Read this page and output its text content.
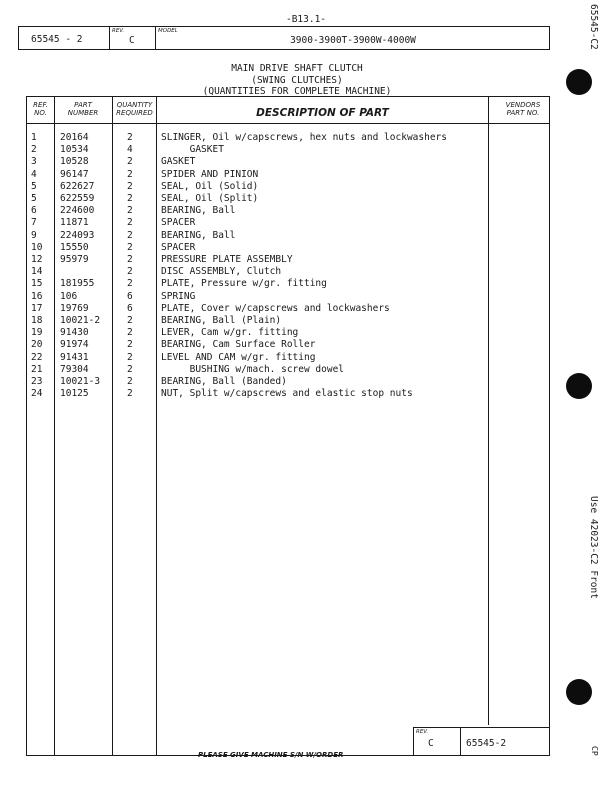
-B13.1-
65545 - 2
REV.
C
MODEL
3900-3900T-3900W-4000W
MAIN DRIVE SHAFT CLUTCH
(SWING CLUTCHES)
(QUANTITIES FOR COMPLETE MACHINE)
REF. NO.
PART NUMBER
QUANTITY REQUIRED	DESCRIPTION OF PART
VENDORS PART NO.
REV.
C	65545-2
1 20164	2	SLINGER, Oil w/capscrews, hex nuts and lockwashers
2 10534	4	GASKET
3 10528	2	GASKET
4 96147	2	SPIDER AND PINION
5 622627	2	SEAL, Oil (Solid)
5 622559	2	SEAL, Oil (Split)
6 224600	2	BEARING, Ball
7 11871	2	SPACER
9 224093	2	BEARING, Ball
10 15550	2	SPACER
12 95979	2	PRESSURE PLATE ASSEMBLY
14	2	DISC ASSEMBLY, Clutch
15 181955	2	PLATE, Pressure w/gr. fitting
16 106	6	SPRING
17 19769	6	PLATE, Cover w/capscrews and lockwashers
18 10021-2	2	BEARING, Ball (Plain)
19 91430	2	LEVER, Cam w/gr. fitting
20 91974	2	BEARING, Cam Surface Roller
22 91431	2	LEVEL AND CAM w/gr. fitting
21 79304	2	BUSHING w/mach. screw dowel
23 10021-3	2	BEARING, Ball (Banded)
24 10125	2	NUT, Split w/capscrews and elastic stop nuts
PLEASE GIVE MACHINE S/N W/ORDER
65545-C2
Use 42023-C2 Front
CP
